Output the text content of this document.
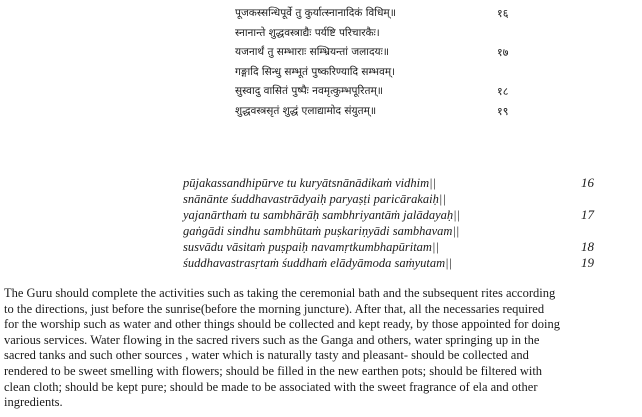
पूजकस्सन्धिपूर्वे तु कुर्यात्स्नानादिकं विधिम्॥	१६
स्नानान्ते शुद्धवस्त्राद्यैः पर्यष्टि परिचारकैः।
यजनार्थं तु सम्भाराः सम्भ्रियन्तां जलादयः॥	१७
गङ्गादि सिन्धु सम्भूतं पुष्करिण्यादि सम्भवम्।
सुस्वादु वासितं पुष्पैः नवमृत्कुम्भपूरितम्॥	१८
शुद्धवस्त्रसृतं शुद्धं एलाद्यामोद संयुतम्॥	१९
pūjakassandhipūrve tu kuryātsnānādikaṁ vidhim||	16
snānānte śuddhavastrādyaiḥ paryaṣṭi paricārakaiḥ||
yajanārthaṁ tu sambhārāḥ sambhriyantāṁ jalādayaḥ||	17
gaṅgādi sindhu sambhūtaṁ puṣkariṇyādi sambhavam||
susvādu vāsitaṁ puṣpaiḥ navamṛtkumbhapūritam||	18
śuddhavastrasṛtaṁ śuddhaṁ elādyāmoda saṁyutam||	19
The Guru should complete the activities such as taking the ceremonial bath and the subsequent rites according
to the directions, just before the sunrise(before the morning juncture). After that, all the necessaries required
for the worship such as water and other things should be collected and kept ready, by those appointed for doing
various services. Water flowing in the sacred rivers such as the Ganga and others, water springing up in the
sacred tanks and such other sources , water which is naturally tasty and pleasant- should be collected and
rendered to be sweet smelling with flowers; should be filled in the new earthen pots; should be filtered with
clean cloth; should be kept pure; should be made to be associated with the sweet fragrance of ela and other
ingredients.
